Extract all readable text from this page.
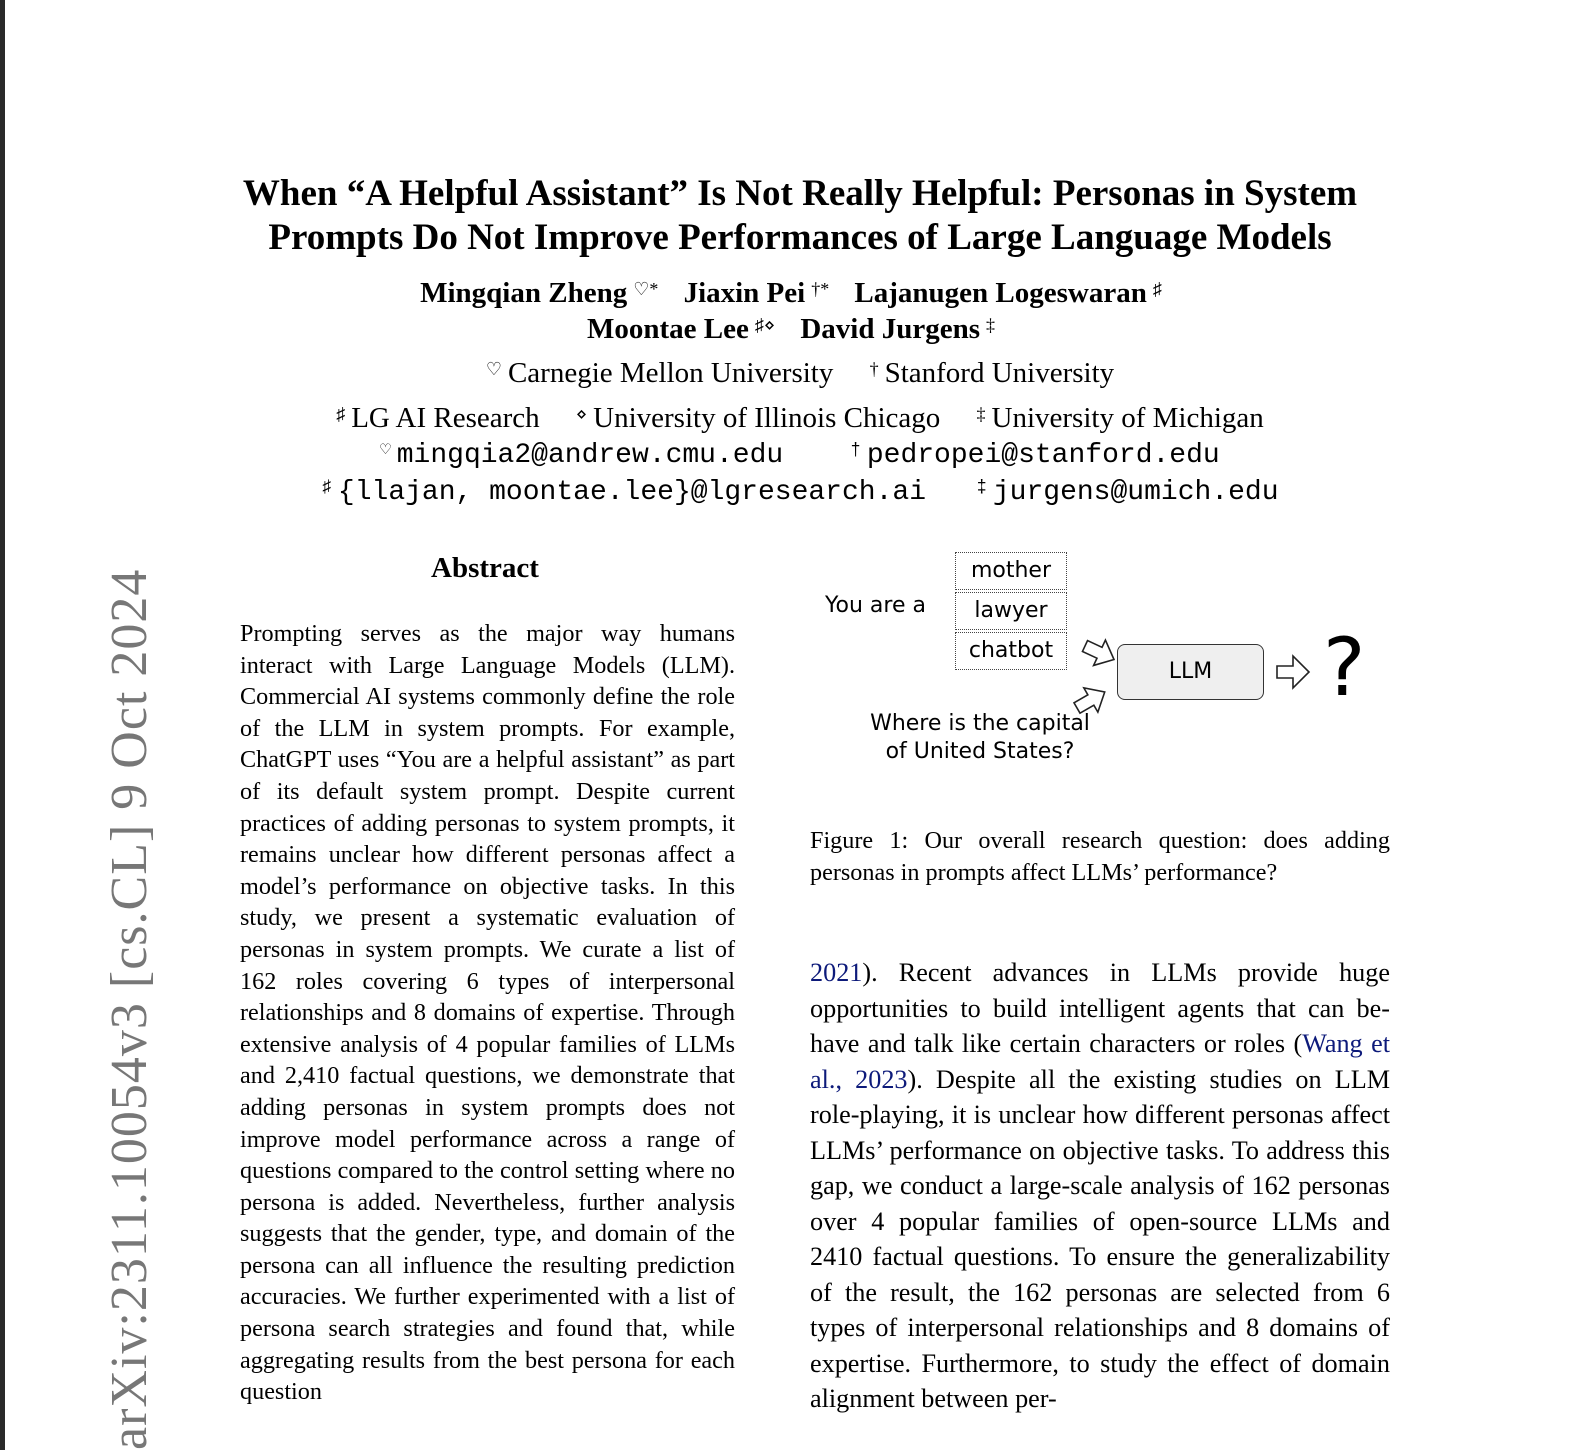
arXiv:2311.10054v3 [cs.CL] 9 Oct 2024
When “A Helpful Assistant” Is Not Really Helpful: Personas in System
Prompts Do Not Improve Performances of Large Language Models
Mingqian Zheng ♡* Jiaxin Pei †* Lajanugen Logeswaran ♯
Moontae Lee ♯⋄ David Jurgens ‡
♡ Carnegie Mellon University † Stanford University
♯ LG AI Research ⋄ University of Illinois Chicago ‡ University of Michigan
♡ mingqia2@andrew.cmu.edu	† pedropei@stanford.edu
♯ {llajan, moontae.lee}@lgresearch.ai	‡ jurgens@umich.edu
Abstract

Prompting serves as the major way humans interact with Large Language Models (LLM). Commercial AI systems commonly define the role of the LLM in system prompts. For example, ChatGPT uses “You are a helpful assistant” as part of its default system prompt. Despite current practices of adding personas to system prompts, it remains unclear how different personas affect a model’s performance on objective tasks. In this study, we present a systematic evaluation of personas in system prompts. We curate a list of 162 roles covering 6 types of interpersonal relationships and 8 domains of expertise. Through extensive analysis of 4 popular families of LLMs and 2,410 factual questions, we demonstrate that adding personas in system prompts does not improve model performance across a range of questions compared to the control setting where no persona is added. Nevertheless, further analysis suggests that the gender, type, and domain of the persona can all influence the resulting prediction accuracies. We further experimented with a list of persona search strategies and found that, while aggregating results from the best persona for each question

You are a
mother
lawyer
chatbot
Where is the capital of United States?
LLM	?

Figure 1: Our overall research question: does adding personas in prompts affect LLMs’ performance?

2021). Recent advances in LLMs provide huge opportunities to build intelligent agents that can behave and talk like certain characters or roles (Wang et al., 2023). Despite all the existing studies on LLM role-playing, it is unclear how different personas affect LLMs’ performance on objective tasks. To address this gap, we conduct a large-scale analysis of 162 personas over 4 popular families of open-source LLMs and 2410 factual questions. To ensure the generalizability of the result, the 162 personas are selected from 6 types of interpersonal relationships and 8 domains of expertise. Furthermore, to study the effect of domain alignment between per-
